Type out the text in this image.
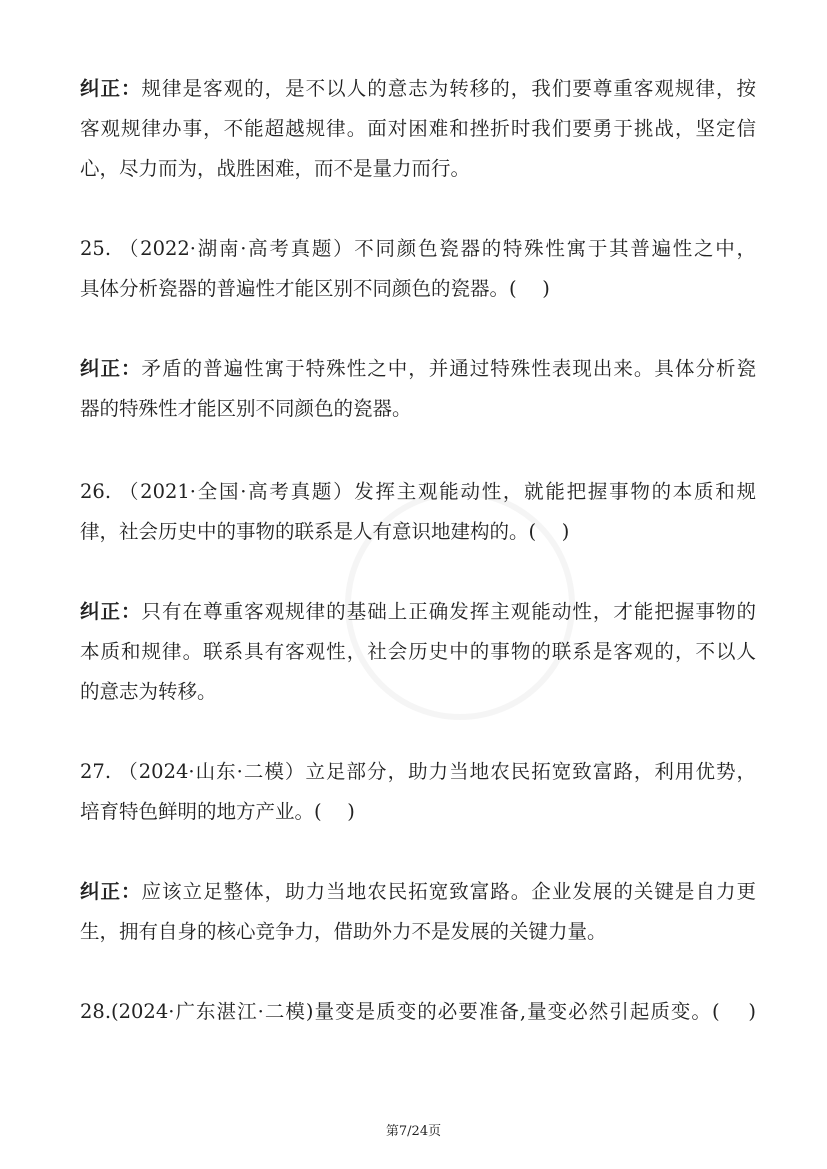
纠正：规律是客观的，是不以人的意志为转移的，我们要尊重客观规律，按
客观规律办事，不能超越规律。面对困难和挫折时我们要勇于挑战，坚定信
心，尽力而为，战胜困难，而不是量力而行。
25. （2022·湖南·高考真题）不同颜色瓷器的特殊性寓于其普遍性之中，
具体分析瓷器的普遍性才能区别不同颜色的瓷器。(　 )
纠正：矛盾的普遍性寓于特殊性之中，并通过特殊性表现出来。具体分析瓷
器的特殊性才能区别不同颜色的瓷器。
26. （2021·全国·高考真题）发挥主观能动性，就能把握事物的本质和规
律，社会历史中的事物的联系是人有意识地建构的。(　 )
纠正：只有在尊重客观规律的基础上正确发挥主观能动性，才能把握事物的
本质和规律。联系具有客观性，社会历史中的事物的联系是客观的，不以人
的意志为转移。
27. （2024·山东·二模）立足部分，助力当地农民拓宽致富路，利用优势，
培育特色鲜明的地方产业。(　 )
纠正：应该立足整体，助力当地农民拓宽致富路。企业发展的关键是自力更
生，拥有自身的核心竞争力，借助外力不是发展的关键力量。
28.(2024·广东湛江·二模)量变是质变的必要准备,量变必然引起质变。(　 )
第7/24页
